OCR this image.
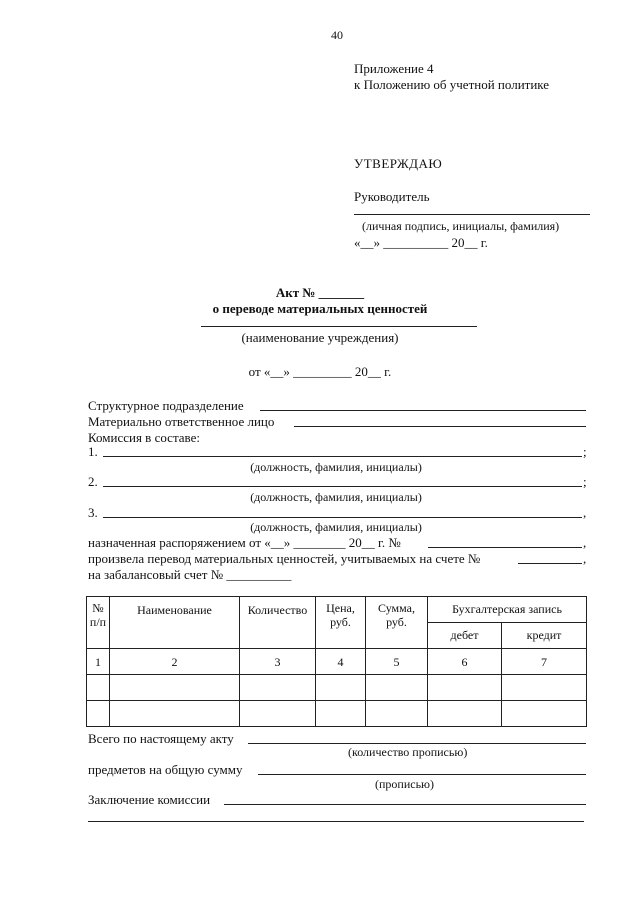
40
Приложение 4
к Положению об учетной политике
УТВЕРЖДАЮ
Руководитель
(личная подпись, инициалы, фамилия)
«__» __________ 20__ г.
Акт № _______
о переводе материальных ценностей
(наименование учреждения)
от «__» _________ 20__ г.
Структурное подразделение
Материально ответственное лицо
Комиссия в составе:
1.	;
(должность, фамилия, инициалы)
2.	;
(должность, фамилия, инициалы)
3.	,
(должность, фамилия, инициалы)
назначенная распоряжением от «__» ________ 20__ г. №	,
произвела перевод материальных ценностей, учитываемых на счете №	,
на забалансовый счет № __________
№ п/п	Наименование	Количество	Цена, руб.	Сумма, руб.	Бухгалтерская запись	
					дебет	кредит
1	2	3	4	5	6	7

Всего по настоящему акту
(количество прописью)
предметов на общую сумму
(прописью)
Заключение комиссии
